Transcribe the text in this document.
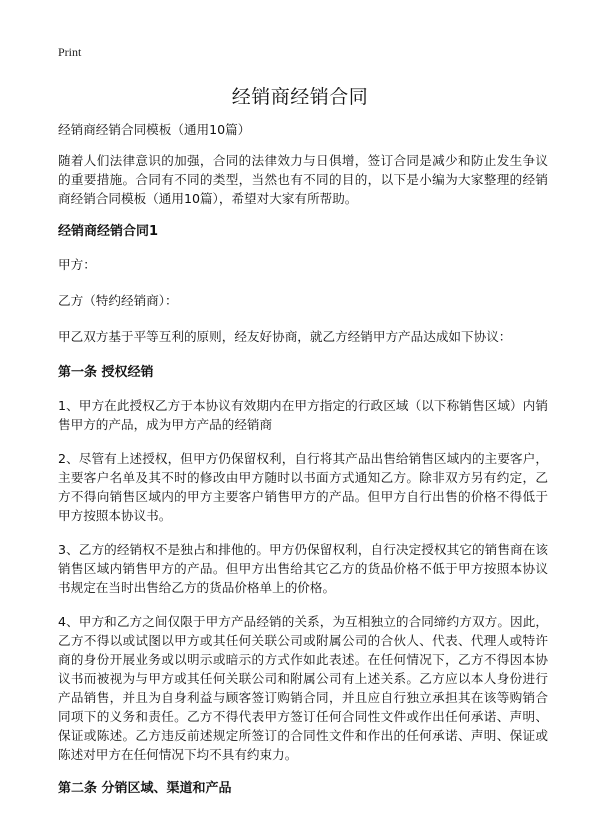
Print
经销商经销合同

经销商经销合同模板（通用10篇）

随着人们法律意识的加强，合同的法律效力与日俱增，签订合同是减少和防止发生争议的重要措施。合同有不同的类型，当然也有不同的目的，以下是小编为大家整理的经销商经销合同模板（通用10篇），希望对大家有所帮助。

经销商经销合同1

甲方：

乙方（特约经销商）：

甲乙双方基于平等互利的原则，经友好协商，就乙方经销甲方产品达成如下协议：

第一条 授权经销

1、甲方在此授权乙方于本协议有效期内在甲方指定的行政区域（以下称销售区域）内销售甲方的产品，成为甲方产品的经销商

2、尽管有上述授权，但甲方仍保留权利，自行将其产品出售给销售区域内的主要客户，主要客户名单及其不时的修改由甲方随时以书面方式通知乙方。除非双方另有约定，乙方不得向销售区域内的甲方主要客户销售甲方的产品。但甲方自行出售的价格不得低于甲方按照本协议书。

3、乙方的经销权不是独占和排他的。甲方仍保留权利，自行决定授权其它的销售商在该销售区域内销售甲方的产品。但甲方出售给其它乙方的货品价格不低于甲方按照本协议书规定在当时出售给乙方的货品价格单上的价格。

4、甲方和乙方之间仅限于甲方产品经销的关系，为互相独立的合同缔约方双方。因此，乙方不得以或试图以甲方或其任何关联公司或附属公司的合伙人、代表、代理人或特许商的身份开展业务或以明示或暗示的方式作如此表述。在任何情况下，乙方不得因本协议书而被视为与甲方或其任何关联公司和附属公司有上述关系。乙方应以本人身份进行产品销售，并且为自身利益与顾客签订购销合同，并且应自行独立承担其在该等购销合同项下的义务和责任。乙方不得代表甲方签订任何合同性文件或作出任何承诺、声明、保证或陈述。乙方违反前述规定所签订的合同性文件和作出的任何承诺、声明、保证或陈述对甲方在任何情况下均不具有约束力。

第二条 分销区域、渠道和产品
